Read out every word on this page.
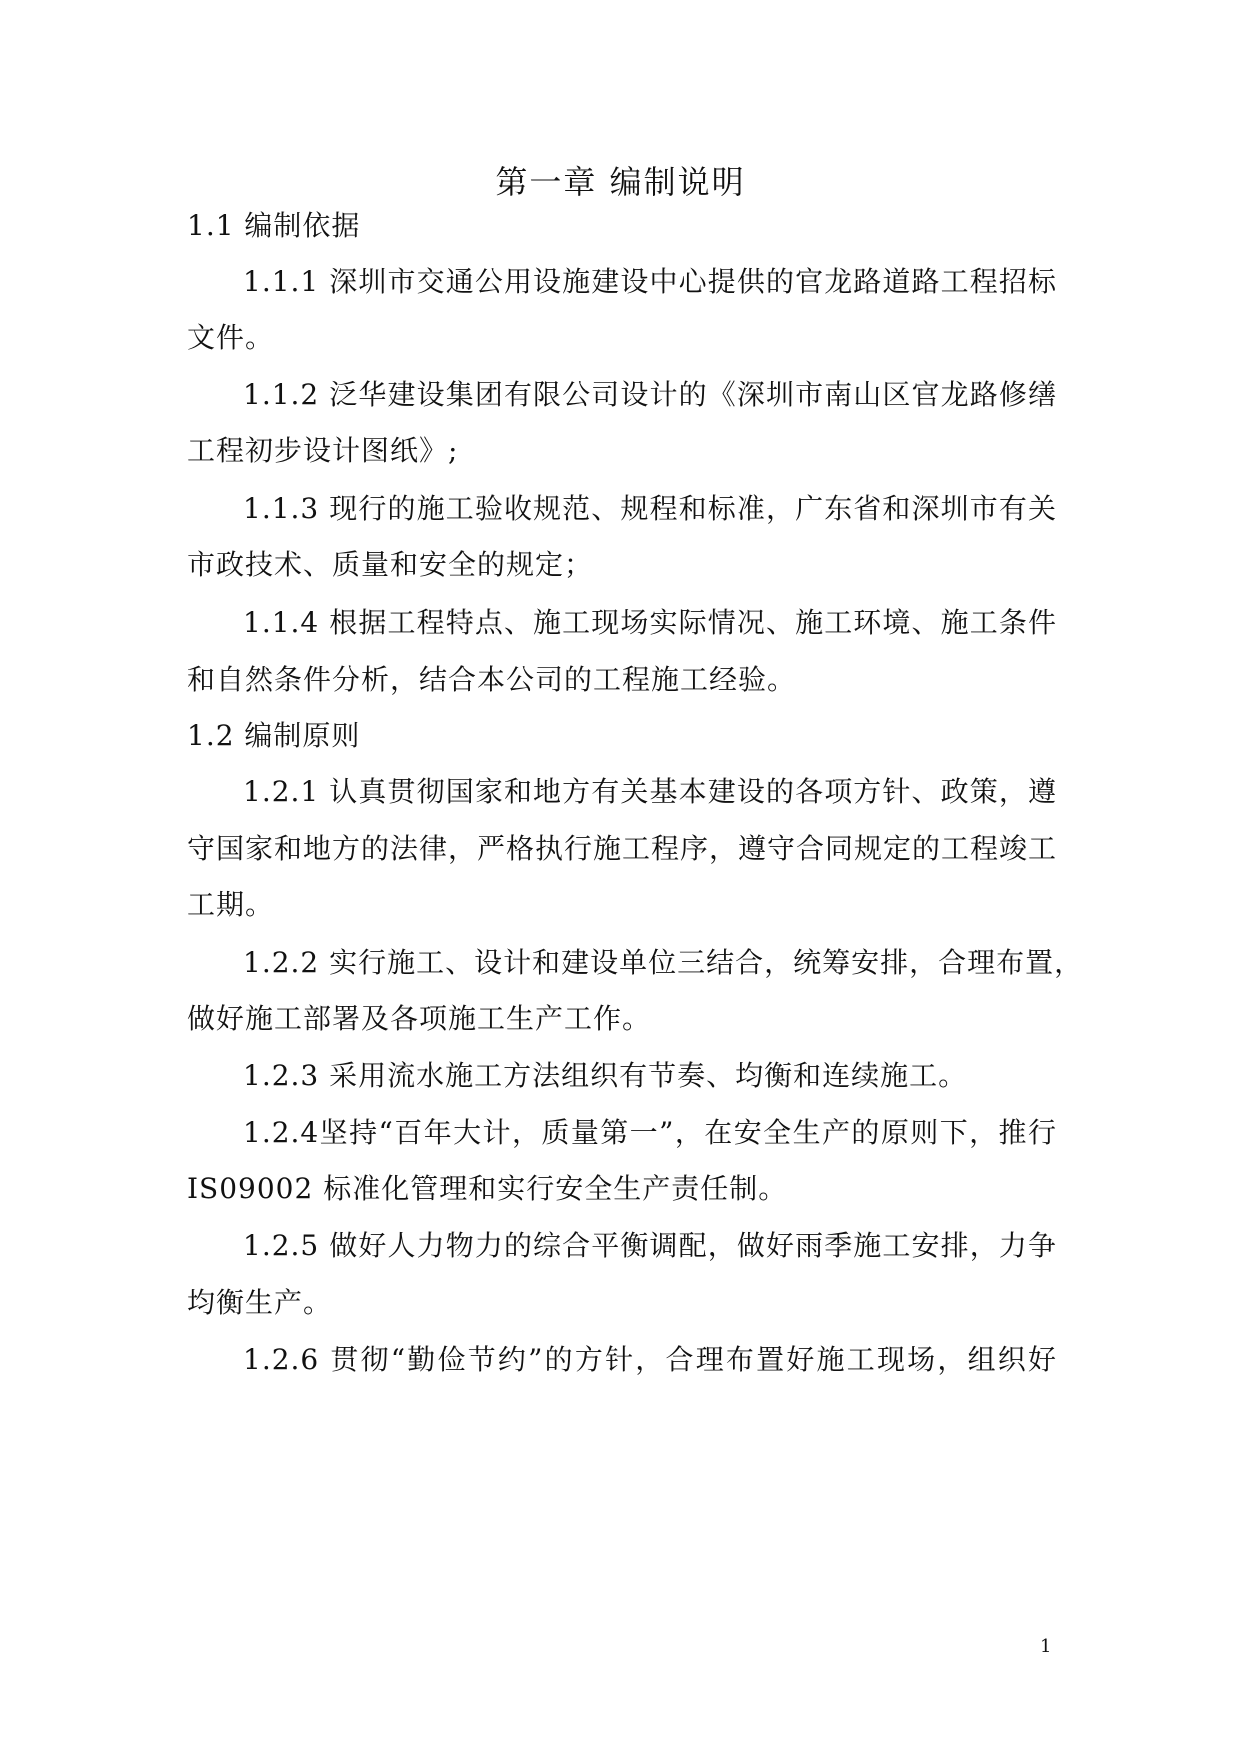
第一章 编制说明
1.1 编制依据
1.1.1 深圳市交通公用设施建设中心提供的官龙路道路工程招标
文件。
1.1.2 泛华建设集团有限公司设计的《深圳市南山区官龙路修缮
工程初步设计图纸》;
1.1.3 现行的施工验收规范、规程和标准，广东省和深圳市有关
市政技术、质量和安全的规定；
1.1.4 根据工程特点、施工现场实际情况、施工环境、施工条件
和自然条件分析，结合本公司的工程施工经验。
1.2 编制原则
1.2.1 认真贯彻国家和地方有关基本建设的各项方针、政策，遵
守国家和地方的法律，严格执行施工程序，遵守合同规定的工程竣工
工期。
1.2.2 实行施工、设计和建设单位三结合，统筹安排，合理布置，
做好施工部署及各项施工生产工作。
1.2.3 采用流水施工方法组织有节奏、均衡和连续施工。
1.2.4坚持“百年大计，质量第一”，在安全生产的原则下，推行
IS09002 标准化管理和实行安全生产责任制。
1.2.5 做好人力物力的综合平衡调配，做好雨季施工安排，力争
均衡生产。
1.2.6 贯彻“勤俭节约”的方针，合理布置好施工现场，组织好
1
